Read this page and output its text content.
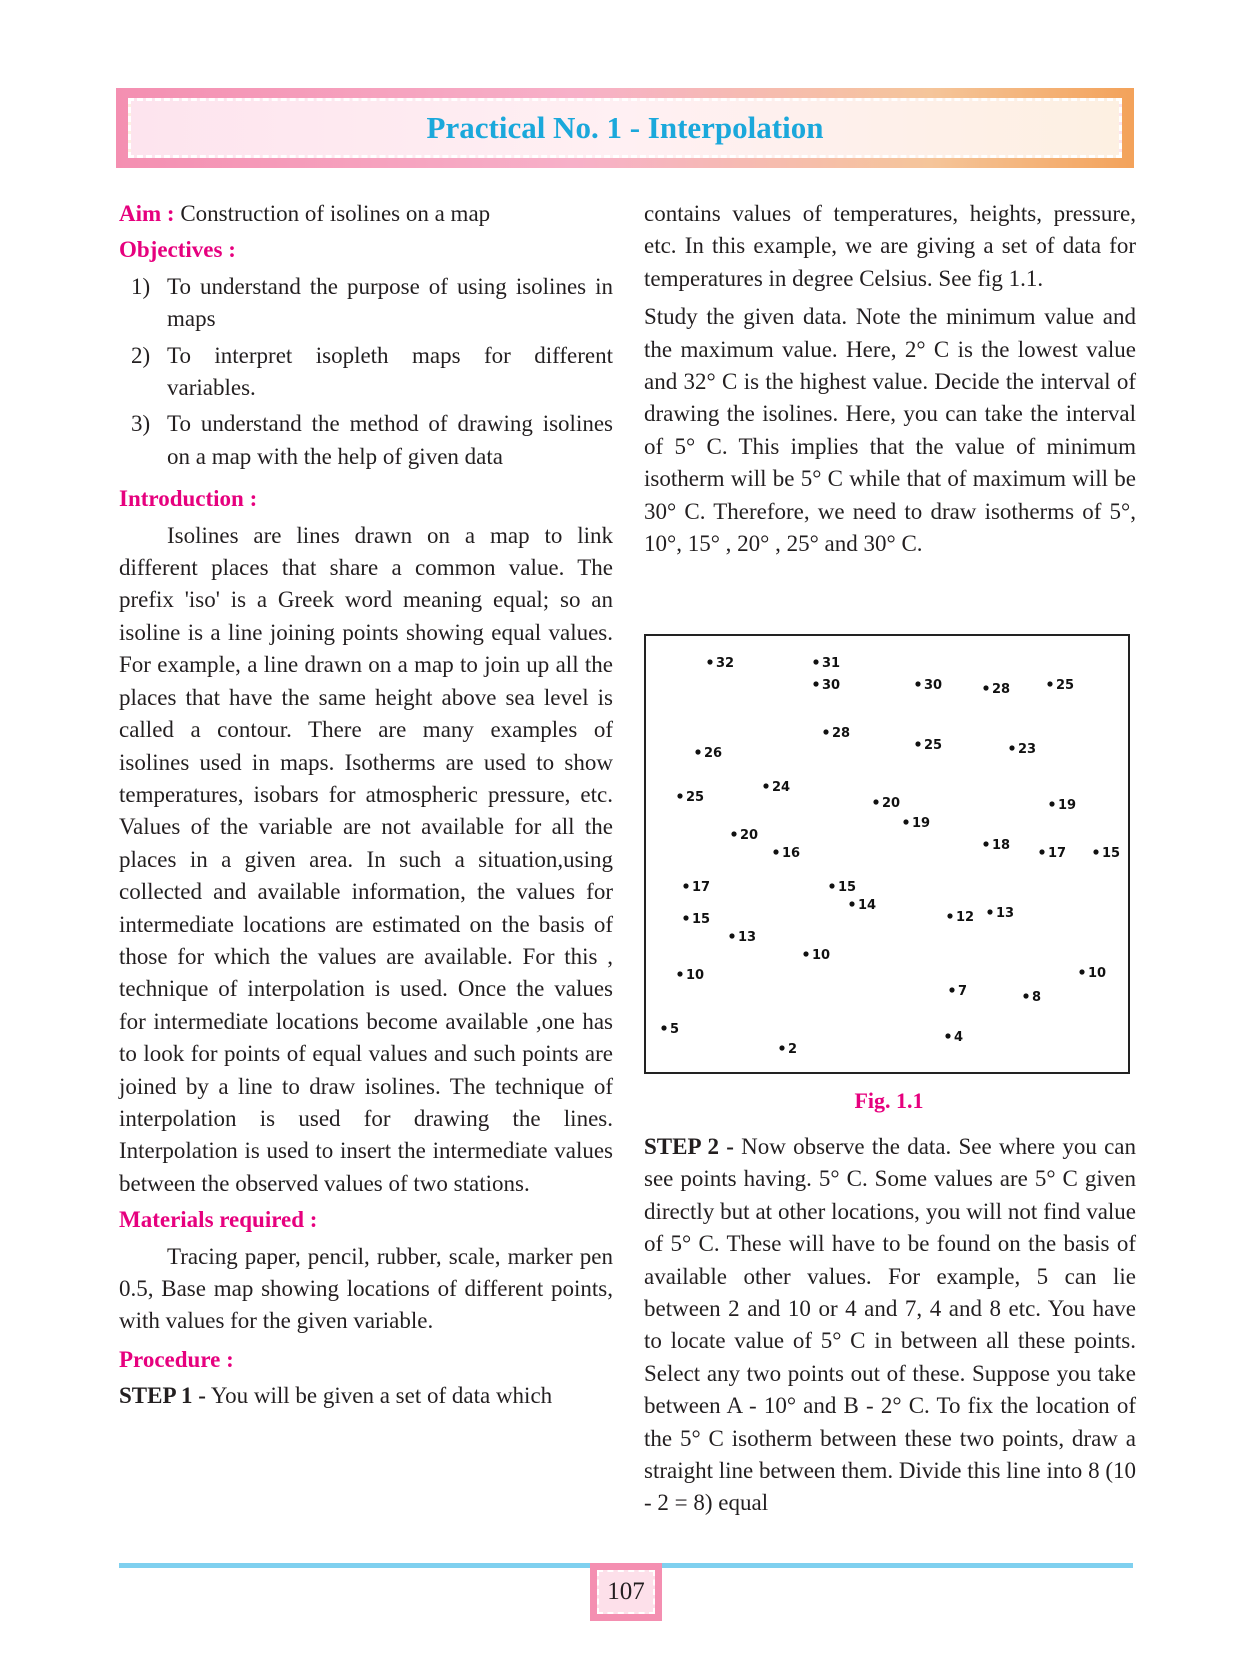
Practical No. 1 - Interpolation

Aim : Construction of isolines on a map

Objectives :

1) To understand the purpose of using isolines in maps
2) To interpret isopleth maps for different variables.
3) To understand the method of drawing isolines on a map with the help of given data

Introduction :

Isolines are lines drawn on a map to link different places that share a common value. The prefix 'iso' is a Greek word meaning equal; so an isoline is a line joining points showing equal values. For example, a line drawn on a map to join up all the places that have the same height above sea level is called a contour. There are many examples of isolines used in maps. Isotherms are used to show temperatures, isobars for atmospheric pressure, etc. Values of the variable are not available for all the places in a given area. In such a situation,using collected and available information, the values for intermediate locations are estimated on the basis of those for which the values are available. For this , technique of interpolation is used. Once the values for intermediate locations become available ,one has to look for points of equal values and such points are joined by a line to draw isolines. The technique of interpolation is used for drawing the lines. Interpolation is used to insert the intermediate values between the observed values of two stations.

Materials required :

Tracing paper, pencil, rubber, scale, marker pen 0.5, Base map showing locations of different points, with values for the given variable.

Procedure :

STEP 1 - You will be given a set of data which

contains values of temperatures, heights, pressure, etc. In this example, we are giving a set of data for temperatures in degree Celsius. See fig 1.1.

Study the given data. Note the minimum value and the maximum value. Here, 2° C is the lowest value and 32° C is the highest value. Decide the interval of drawing the isolines. Here, you can take the interval of 5° C. This implies that the value of minimum isotherm will be 5° C while that of maximum will be 30° C. Therefore, we need to draw isotherms of 5°, 10°, 15° , 20° , 25° and 30° C.

32	31
30	30	28	25
28
26
25	23
24
25	20
19
20
19
16
18
17	15
17	15
14
15	12 13
13
10
10	10
7	8
5
4
2
Fig. 1.1

STEP 2 - Now observe the data. See where you can see points having. 5° C. Some values are 5° C given directly but at other locations, you will not find value of 5° C. These will have to be found on the basis of available other values. For example, 5 can lie between 2 and 10 or 4 and 7, 4 and 8 etc. You have to locate value of 5° C in between all these points. Select any two points out of these. Suppose you take between A - 10° and B - 2° C. To fix the location of the 5° C isotherm between these two points, draw a straight line between them. Divide this line into 8 (10 - 2 = 8) equal

107
